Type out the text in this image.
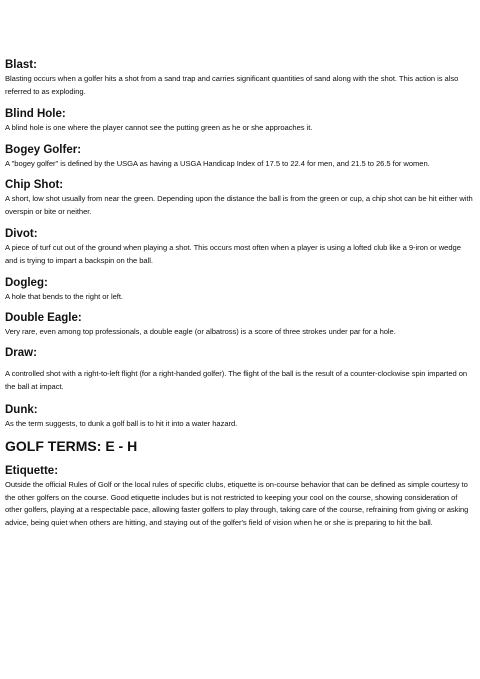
Blast:

Blasting occurs when a golfer hits a shot from a sand trap and carries significant quantities of sand along with the shot. This action is also referred to as exploding.

Blind Hole:

A blind hole is one where the player cannot see the putting green as he or she approaches it.

Bogey Golfer:

A "bogey golfer" is defined by the USGA as having a USGA Handicap Index of 17.5 to 22.4 for men, and 21.5 to 26.5 for women.

Chip Shot:

A short, low shot usually from near the green. Depending upon the distance the ball is from the green or cup, a chip shot can be hit either with overspin or bite or neither.

Divot:

A piece of turf cut out of the ground when playing a shot. This occurs most often when a player is using a lofted club like a 9-iron or wedge and is trying to impart a backspin on the ball.

Dogleg:

A hole that bends to the right or left.

Double Eagle:

Very rare, even among top professionals, a double eagle (or albatross) is a score of three strokes under par for a hole.

Draw:

A controlled shot with a right-to-left flight (for a right-handed golfer). The flight of the ball is the result of a counter-clockwise spin imparted on the ball at impact.

Dunk:

As the term suggests, to dunk a golf ball is to hit it into a water hazard.

GOLF TERMS: E - H

Etiquette:

Outside the official Rules of Golf or the local rules of specific clubs, etiquette is on-course behavior that can be defined as simple courtesy to the other golfers on the course. Good etiquette includes but is not restricted to keeping your cool on the course, showing consideration of other golfers, playing at a respectable pace, allowing faster golfers to play through, taking care of the course, refraining from giving or asking advice, being quiet when others are hitting, and staying out of the golfer's field of vision when he or she is preparing to hit the ball.
